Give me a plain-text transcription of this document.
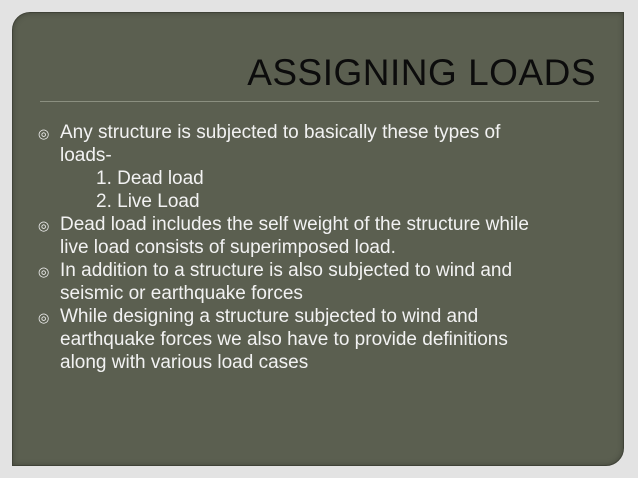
ASSIGNING LOADS
◎ Any structure is subjected to basically these types of
loads-
1. Dead load
2. Live Load
◎ Dead load includes the self weight of the structure while
live load consists of superimposed load.
◎ In addition to a structure is also subjected to wind and
seismic or earthquake forces
◎ While designing a structure subjected to wind and
earthquake forces we also have to provide definitions
along with various load cases
